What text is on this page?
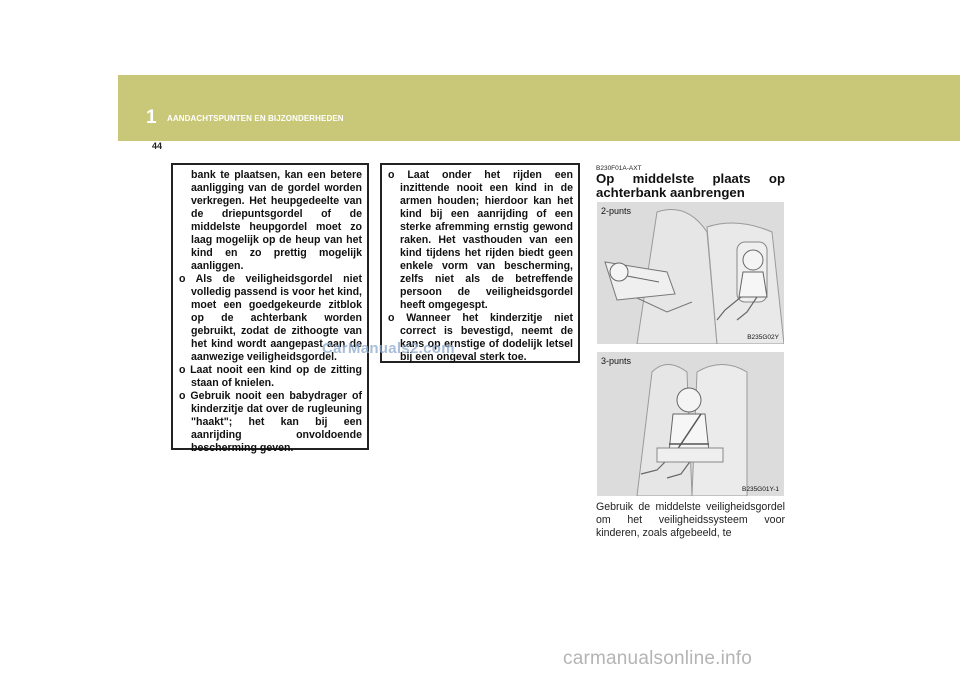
1 AANDACHTSPUNTEN EN BIJZONDERHEDEN
44

bank te plaatsen, kan een betere aanligging van de gordel worden verkregen. Het heupgedeelte van de driepuntsgordel of de middelste heupgordel moet zo laag mogelijk op de heup van het kind en zo prettig mogelijk aanliggen.

o Als de veiligheidsgordel niet volledig passend is voor het kind, moet een goedgekeurde zitblok op de achterbank worden gebruikt, zodat de zithoogte van het kind wordt aangepast aan de aanwezige veiligheidsgordel.

o Laat nooit een kind op de zitting staan of knielen.

o Gebruik nooit een babydrager of kinderzitje dat over de rugleuning "haakt"; het kan bij een aanrijding onvoldoende bescherming geven.

o Laat onder het rijden een inzittende nooit een kind in de armen houden; hierdoor kan het kind bij een aanrijding of een sterke afremming ernstig gewond raken. Het vasthouden van een kind tijdens het rijden biedt geen enkele vorm van bescherming, zelfs niet als de betreffende persoon de veiligheidsgordel heeft omgegespt.

o Wanneer het kinderzitje niet correct is bevestigd, neemt de kans op ernstige of dodelijk letsel bij een ongeval sterk toe.

CarManuals2.com
B230F01A-AXT
Op middelste plaats op achterbank aanbrengen
2-punts
B235G02Y
3-punts
B235G01Y-1
Gebruik de middelste veiligheidsgordel om het veiligheidssysteem voor kinderen, zoals afgebeeld, te
carmanualsonline.info
